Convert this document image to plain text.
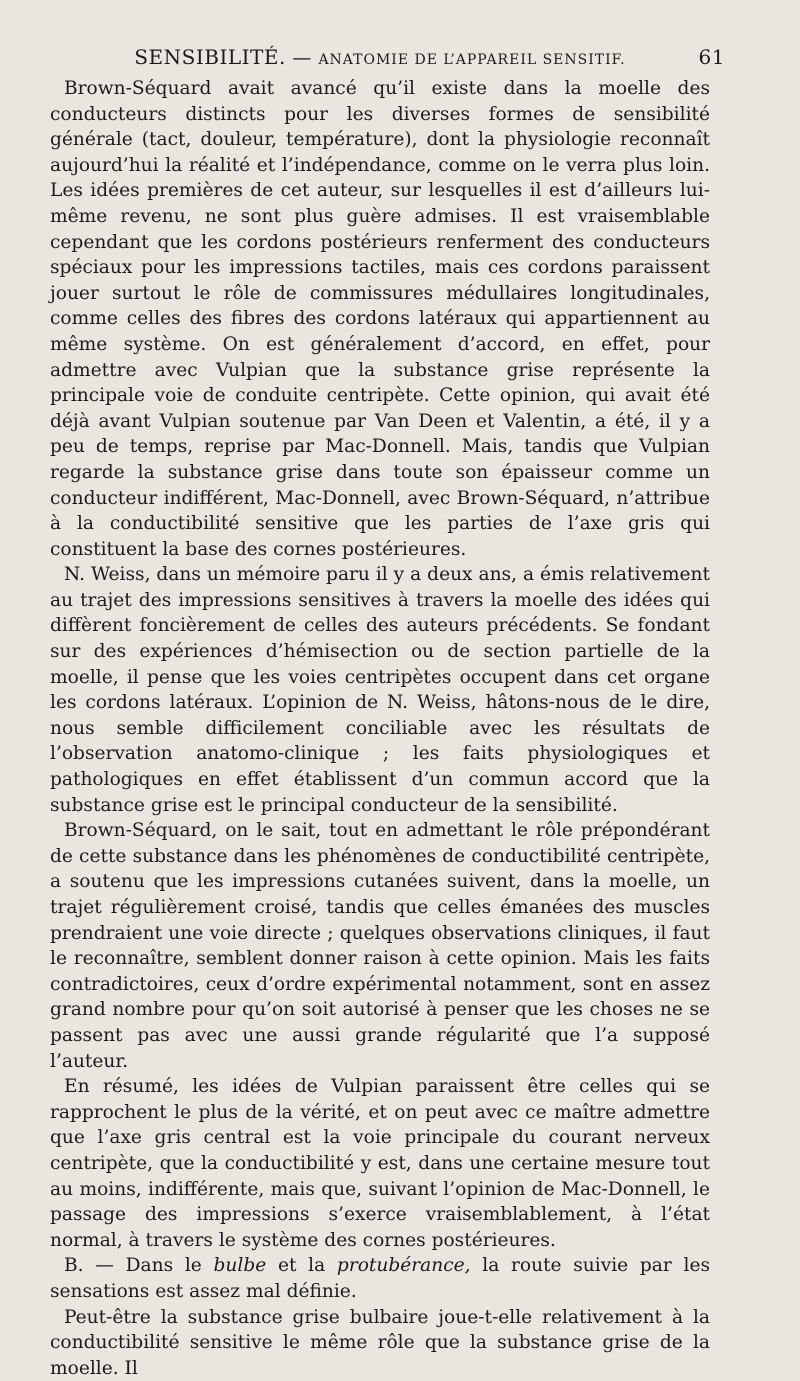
SENSIBILITÉ. — ANATOMIE DE L’APPAREIL SENSITIF.	61

Brown-Séquard avait avancé qu’il existe dans la moelle des conducteurs distincts pour les diverses formes de sensibilité générale (tact, douleur, température), dont la physiologie reconnaît aujourd’hui la réalité et l’indépendance, comme on le verra plus loin. Les idées premières de cet auteur, sur lesquelles il est d’ailleurs lui-même revenu, ne sont plus guère admises. Il est vraisemblable cependant que les cordons postérieurs renferment des conducteurs spéciaux pour les impressions tactiles, mais ces cordons paraissent jouer surtout le rôle de commissures médullaires longitudinales, comme celles des fibres des cordons latéraux qui appartiennent au même système. On est généralement d’accord, en effet, pour admettre avec Vulpian que la substance grise représente la principale voie de conduite centripète. Cette opinion, qui avait été déjà avant Vulpian soutenue par Van Deen et Valentin, a été, il y a peu de temps, reprise par Mac-Donnell. Mais, tandis que Vulpian regarde la substance grise dans toute son épaisseur comme un conducteur indifférent, Mac-Donnell, avec Brown-Séquard, n’attribue à la conductibilité sensitive que les parties de l’axe gris qui constituent la base des cornes postérieures.

N. Weiss, dans un mémoire paru il y a deux ans, a émis relativement au trajet des impressions sensitives à travers la moelle des idées qui diffèrent foncièrement de celles des auteurs précédents. Se fondant sur des expériences d’hémisection ou de section partielle de la moelle, il pense que les voies centripètes occupent dans cet organe les cordons latéraux. L’opinion de N. Weiss, hâtons-nous de le dire, nous semble difficilement conciliable avec les résultats de l’observation anatomo-clinique ; les faits physiologiques et pathologiques en effet établissent d’un commun accord que la substance grise est le principal conducteur de la sensibilité.

Brown-Séquard, on le sait, tout en admettant le rôle prépondérant de cette substance dans les phénomènes de conductibilité centripète, a soutenu que les impressions cutanées suivent, dans la moelle, un trajet régulièrement croisé, tandis que celles émanées des muscles prendraient une voie directe ; quelques observations cliniques, il faut le reconnaître, semblent donner raison à cette opinion. Mais les faits contradictoires, ceux d’ordre expérimental notamment, sont en assez grand nombre pour qu’on soit autorisé à penser que les choses ne se passent pas avec une aussi grande régularité que l’a supposé l’auteur.

En résumé, les idées de Vulpian paraissent être celles qui se rapprochent le plus de la vérité, et on peut avec ce maître admettre que l’axe gris central est la voie principale du courant nerveux centripète, que la conductibilité y est, dans une certaine mesure tout au moins, indifférente, mais que, suivant l’opinion de Mac-Donnell, le passage des impressions s’exerce vraisemblablement, à l’état normal, à travers le système des cornes postérieures.

B. — Dans le bulbe et la protubérance, la route suivie par les sensations est assez mal définie.

Peut-être la substance grise bulbaire joue-t-elle relativement à la conductibilité sensitive le même rôle que la substance grise de la moelle. Il
